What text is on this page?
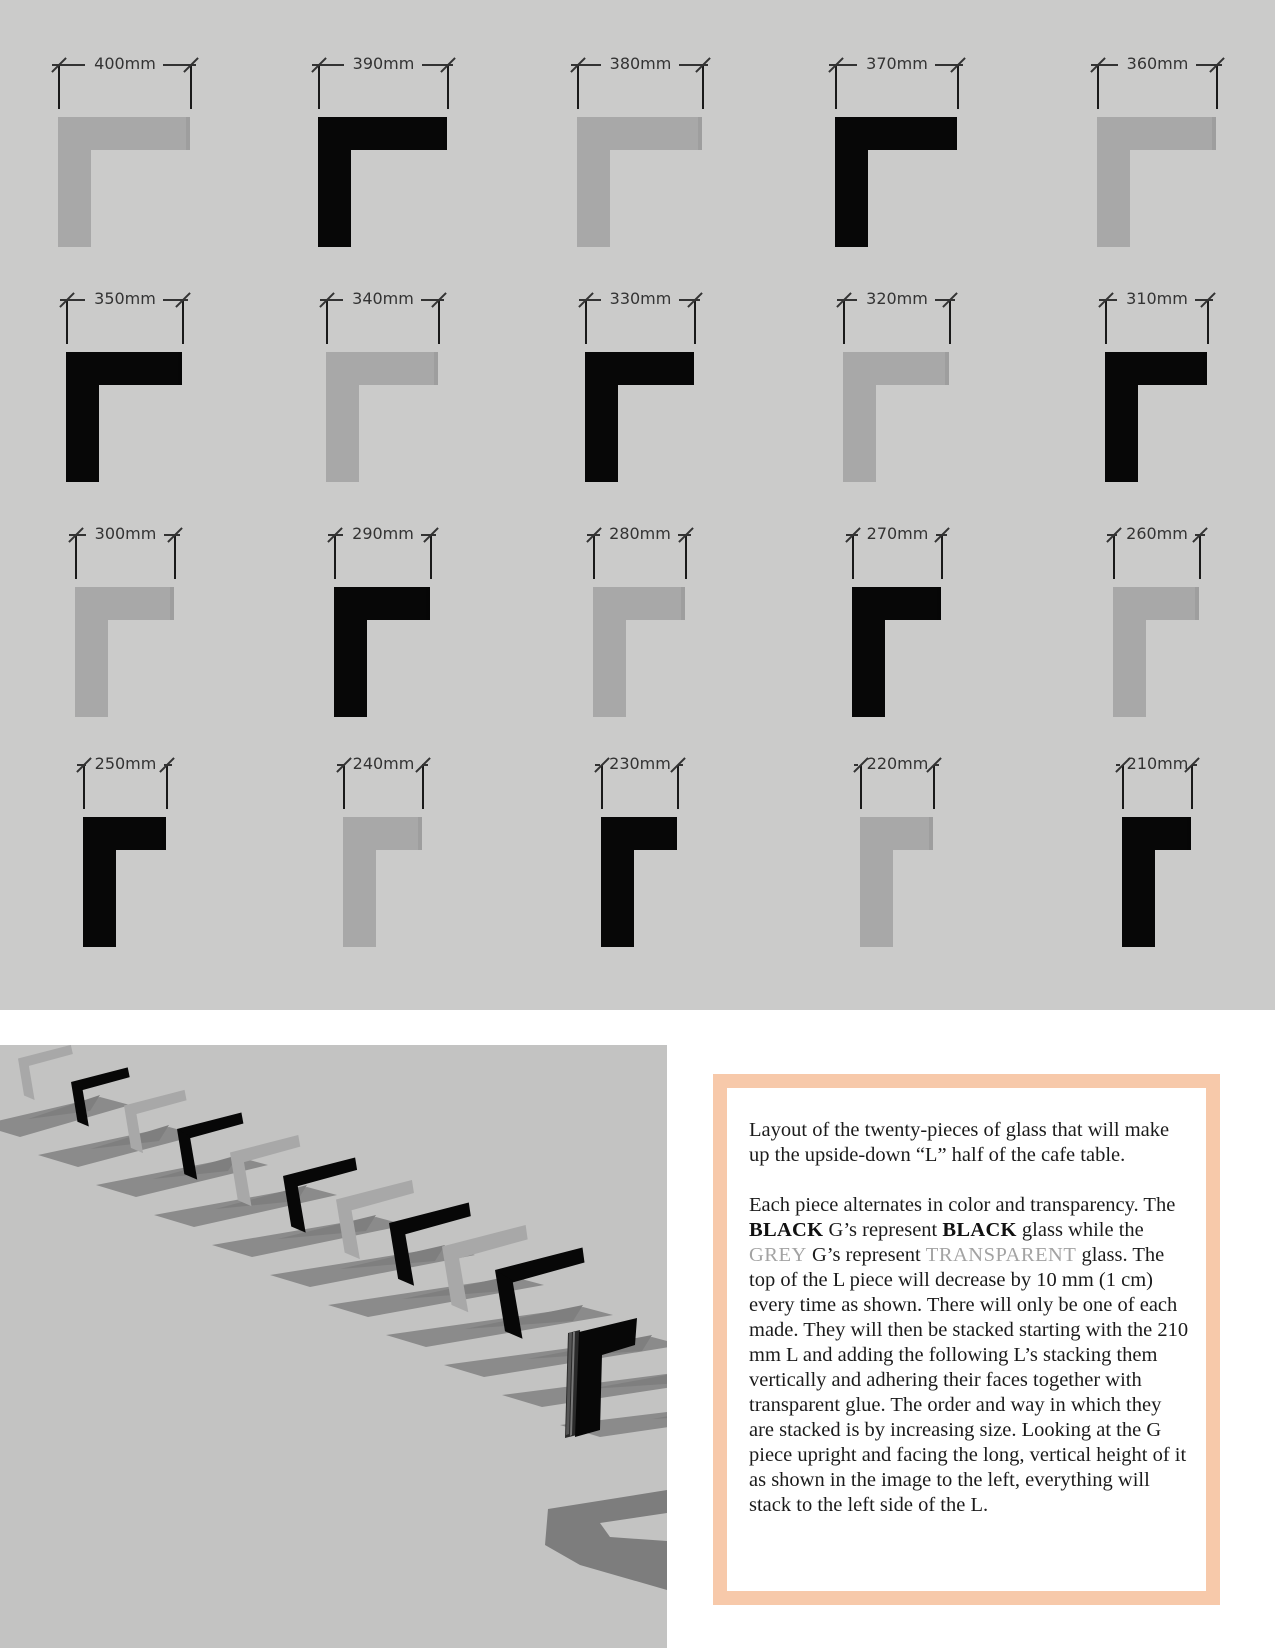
400mm	390mm	380mm	370mm	360mm
350mm	340mm	330mm	320mm	310mm
300mm	290mm	280mm	270mm	260mm
250mm	240mm	230mm	220mm	210mm

Layout of the twenty-pieces of glass that will make up the upside-down “L” half of the cafe table.

Each piece alternates in color and transparency. The BLACK G’s represent BLACK glass while the GREY G’s represent TRANSPARENT glass. The top of the L piece will decrease by 10 mm (1 cm) every time as shown. There will only be one of each made. They will then be stacked starting with the 210 mm L and adding the following L’s stacking them vertically and adhering their faces together with transparent glue. The order and way in which they are stacked is by increasing size. Looking at the G piece upright and facing the long, vertical height of it as shown in the image to the left, everything will stack to the left side of the L.
